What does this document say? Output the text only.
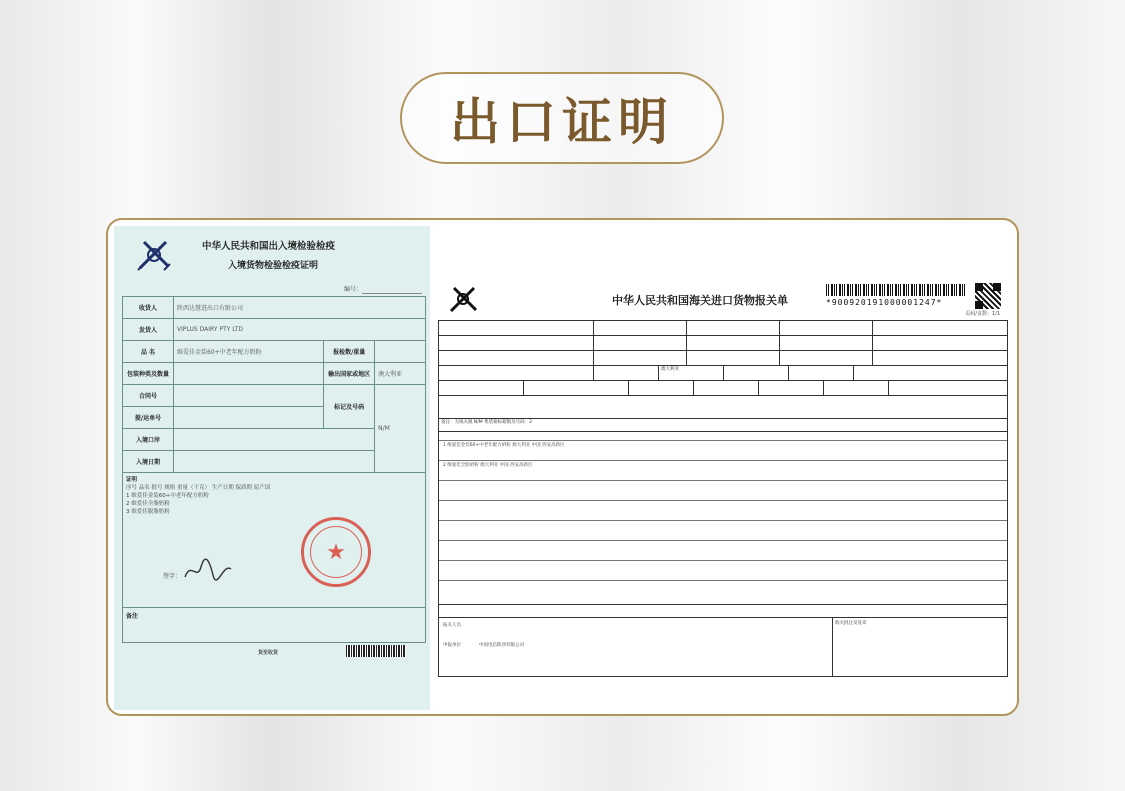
出口证明
中华人民共和国出入境检验检疫
入境货物检验检疫证明
编号：
收货人	陕西达慧进出口有限公司		
发货人	VIPLUS DAIRY PTY LTD		
品 名	维爱佳金装60+中老年配方奶粉	报检数/重量	
包装种类及数量		输出国家或地区	澳大利亚
合同号		标记及号码	N/M
提/运单号			
入境口岸			
入境日期			
证明
序号 品名 批号 规格 重量（千克） 生产日期 保质期 原产国
1 维爱佳金装60+中老年配方奶粉
2 维爱佳全脂奶粉
3 维爱佳脱脂奶粉
★
签字：
备注
货至收货
中华人民共和国海关进口货物报关单	*900920191000001247*
页码/页数：1/1
澳大利亚
备注：无线关税 N/M 集装箱标箱数及号码：2
1 维爱佳金装60+中老年配方奶粉 澳大利亚 中国 西安高新区
2 维爱佳全脂奶粉 澳大利亚 中国 西安高新区
报关人员
申报单位	中国电信陕西有限公司
海关批注及签章
